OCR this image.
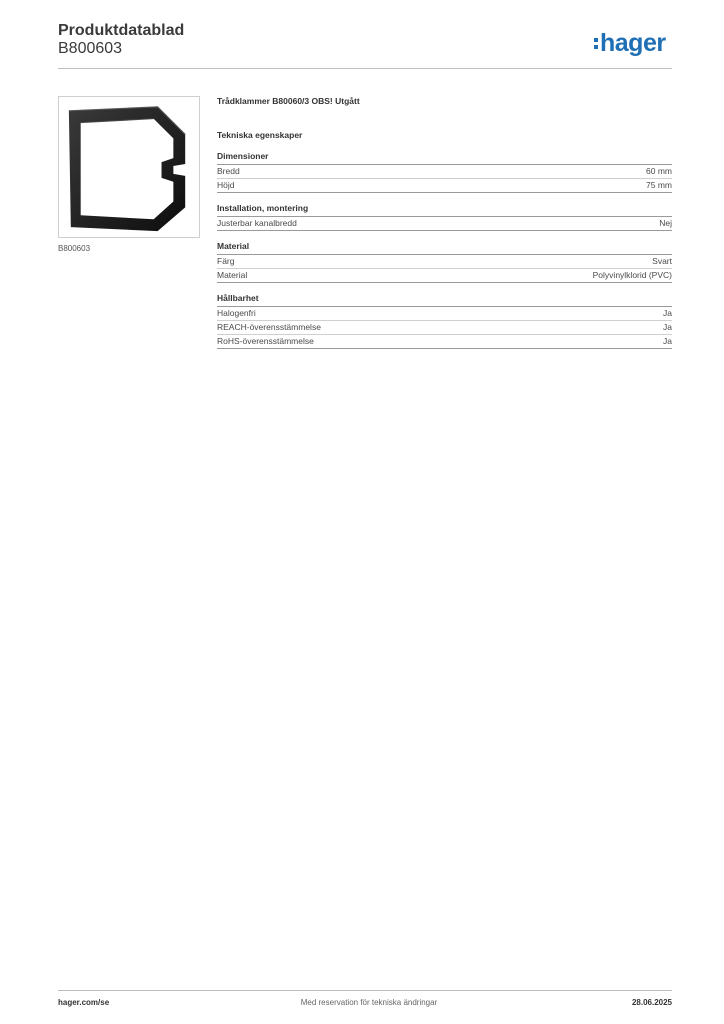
Produktdatablad
B800603	hager
B800603
Trådklammer B80060/3 OBS! Utgått
Tekniska egenskaper
Dimensioner
Bredd	60 mm
Höjd	75 mm
Installation, montering
Justerbar kanalbredd	Nej
Material
Färg	Svart
Material	Polyvinylklorid (PVC)
Hållbarhet
Halogenfri	Ja
REACH-överensstämmelse	Ja
RoHS-överensstämmelse	Ja
hager.com/se	Med reservation för tekniska ändringar	28.06.2025
